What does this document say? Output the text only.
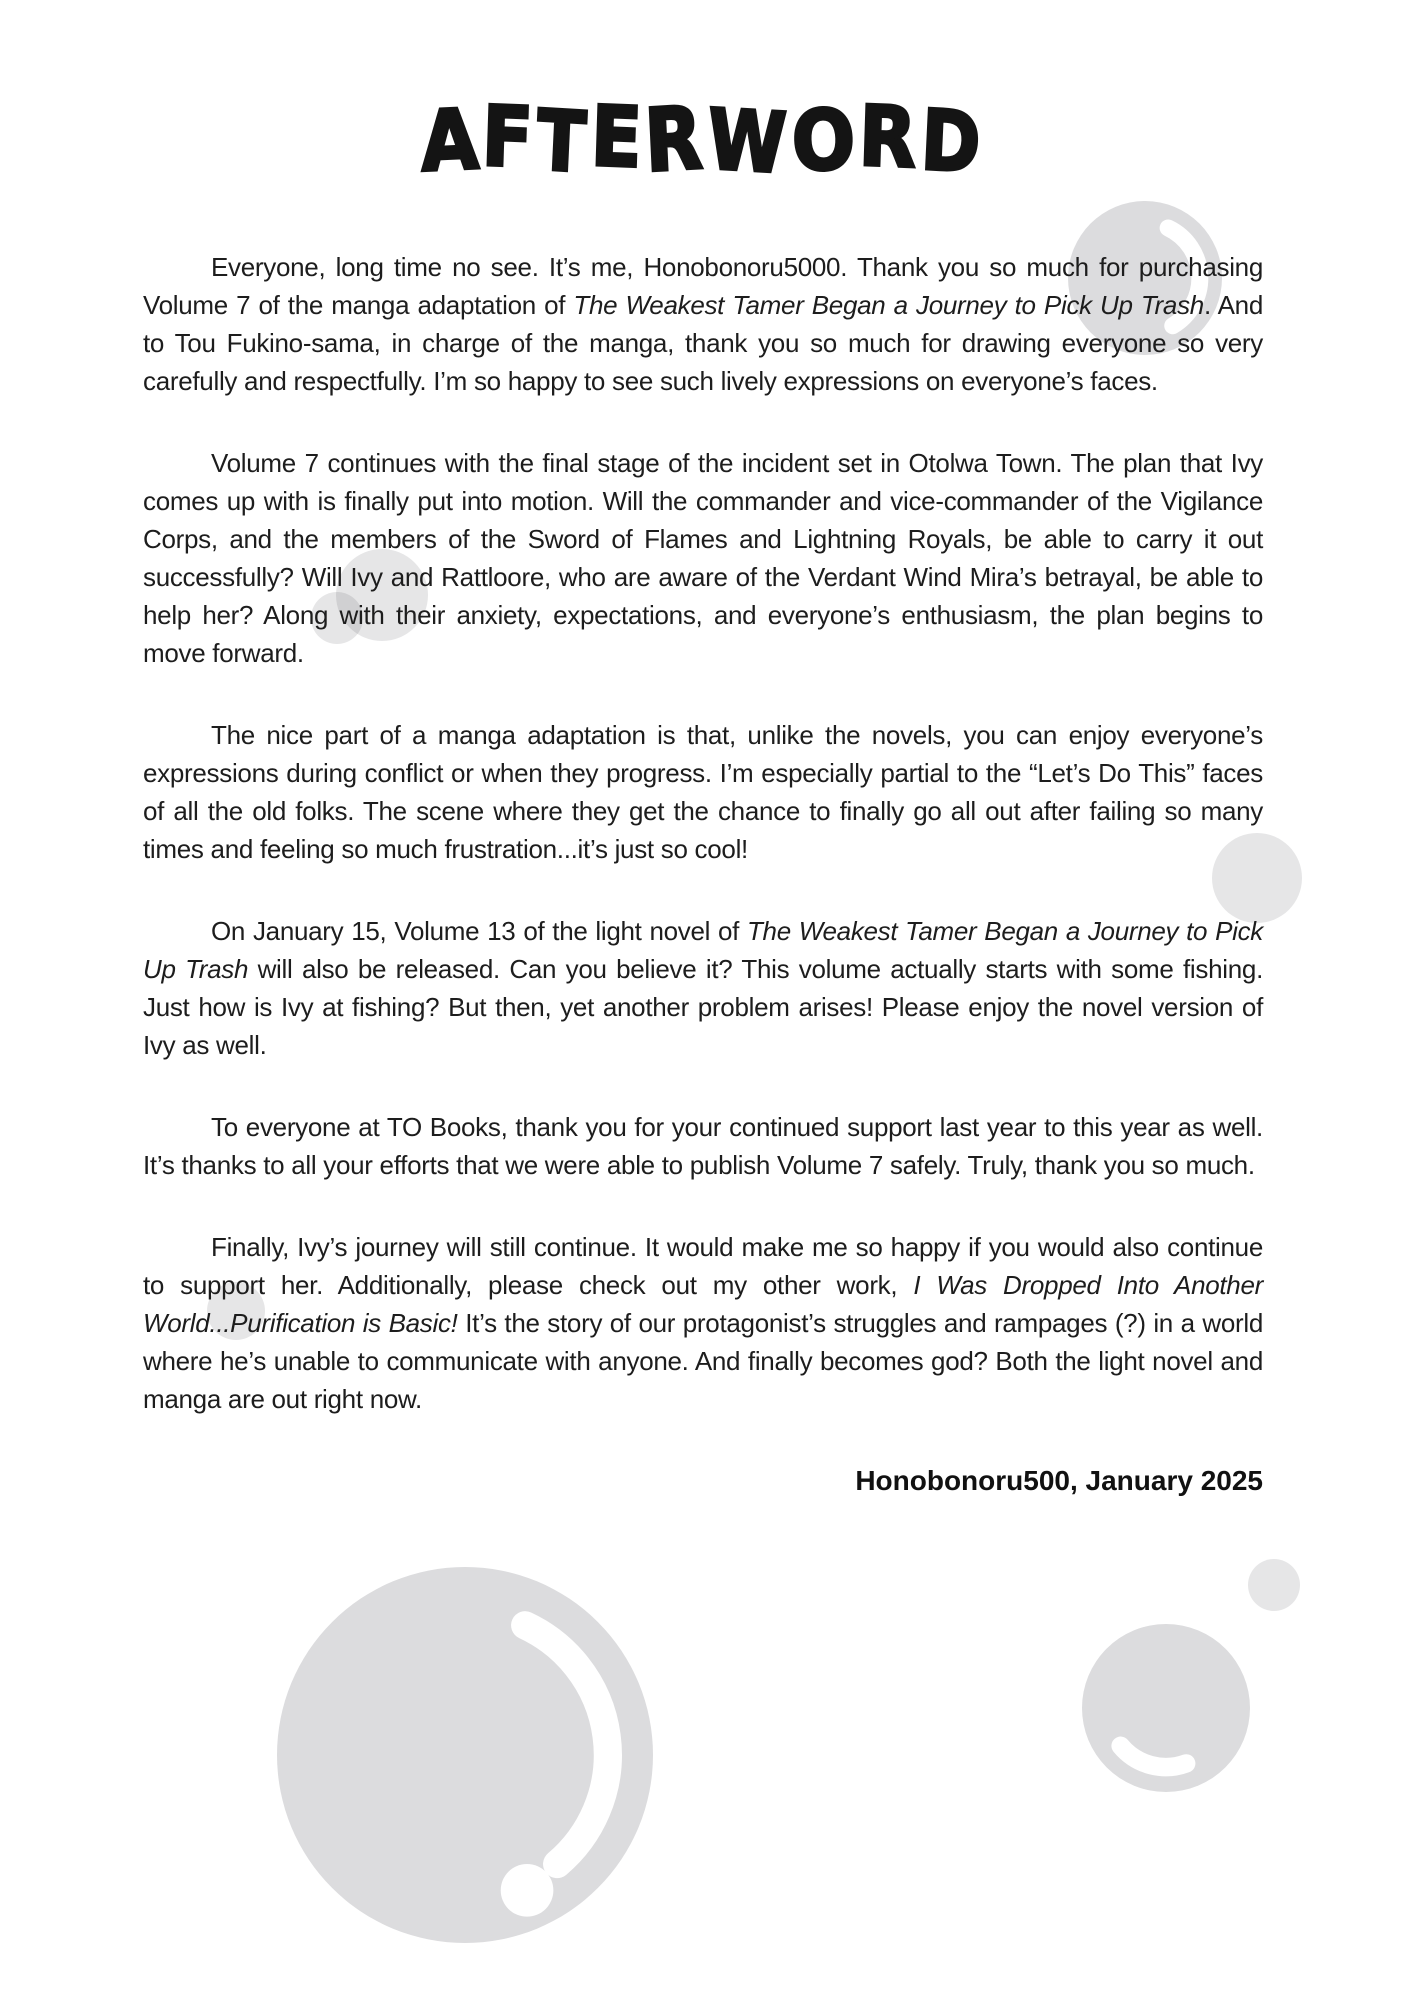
AFTERWORD

Everyone, long time no see. It’s me, Honobonoru5000. Thank you so much for purchasing Volume 7 of the manga adaptation of The Weakest Tamer Began a Journey to Pick Up Trash. And to Tou Fukino-sama, in charge of the manga, thank you so much for drawing everyone so very carefully and respectfully. I’m so happy to see such lively expressions on everyone’s faces.

Volume 7 continues with the final stage of the incident set in Otolwa Town. The plan that Ivy comes up with is finally put into motion. Will the commander and vice-commander of the Vigilance Corps, and the members of the Sword of Flames and Lightning Royals, be able to carry it out successfully? Will Ivy and Rattloore, who are aware of the Verdant Wind Mira’s betrayal, be able to help her? Along with their anxiety, expectations, and everyone’s enthusiasm, the plan begins to move forward.

The nice part of a manga adaptation is that, unlike the novels, you can enjoy everyone’s expressions during conflict or when they progress. I’m especially partial to the “Let’s Do This” faces of all the old folks. The scene where they get the chance to finally go all out after failing so many times and feeling so much frustration...it’s just so cool!

On January 15, Volume 13 of the light novel of The Weakest Tamer Began a Journey to Pick Up Trash will also be released. Can you believe it? This volume actually starts with some fishing. Just how is Ivy at fishing? But then, yet another problem arises! Please enjoy the novel version of Ivy as well.

To everyone at TO Books, thank you for your continued support last year to this year as well. It’s thanks to all your efforts that we were able to publish Volume 7 safely. Truly, thank you so much.

Finally, Ivy’s journey will still continue. It would make me so happy if you would also continue to support her. Additionally, please check out my other work, I Was Dropped Into Another World...Purification is Basic! It’s the story of our protagonist’s struggles and rampages (?) in a world where he’s unable to communicate with anyone. And finally becomes god? Both the light novel and manga are out right now.

Honobonoru500, January 2025
